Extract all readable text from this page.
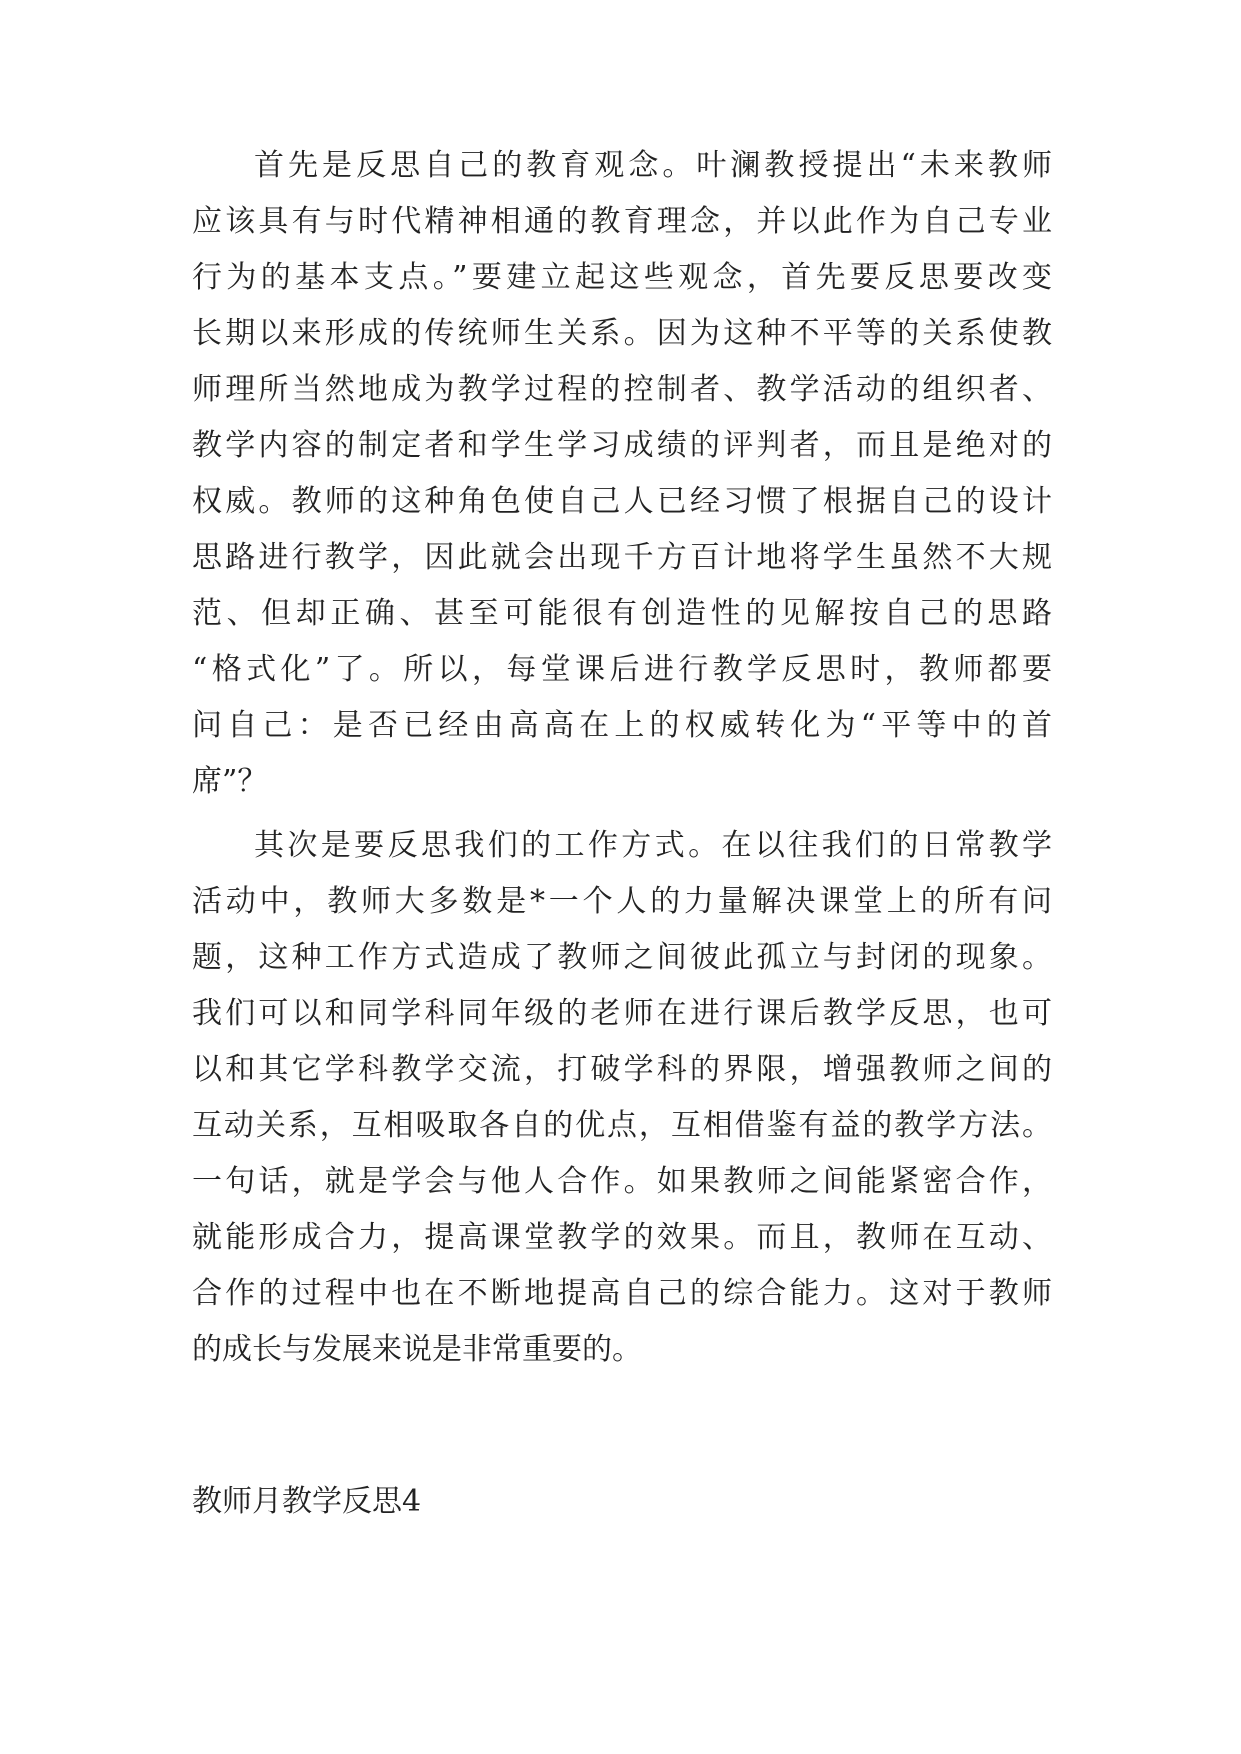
首先是反思自己的教育观念。叶澜教授提出“未来教师
应该具有与时代精神相通的教育理念，并以此作为自己专业
行为的基本支点。”要建立起这些观念，首先要反思要改变
长期以来形成的传统师生关系。因为这种不平等的关系使教
师理所当然地成为教学过程的控制者、教学活动的组织者、
教学内容的制定者和学生学习成绩的评判者，而且是绝对的
权威。教师的这种角色使自己人已经习惯了根据自己的设计
思路进行教学，因此就会出现千方百计地将学生虽然不大规
范、但却正确、甚至可能很有创造性的见解按自己的思路
“格式化”了。所以，每堂课后进行教学反思时，教师都要
问自己：是否已经由高高在上的权威转化为“平等中的首
席”？
其次是要反思我们的工作方式。在以往我们的日常教学
活动中，教师大多数是*一个人的力量解决课堂上的所有问
题，这种工作方式造成了教师之间彼此孤立与封闭的现象。
我们可以和同学科同年级的老师在进行课后教学反思，也可
以和其它学科教学交流，打破学科的界限，增强教师之间的
互动关系，互相吸取各自的优点，互相借鉴有益的教学方法。
一句话，就是学会与他人合作。如果教师之间能紧密合作，
就能形成合力，提高课堂教学的效果。而且，教师在互动、
合作的过程中也在不断地提高自己的综合能力。这对于教师
的成长与发展来说是非常重要的。
教师月教学反思4
